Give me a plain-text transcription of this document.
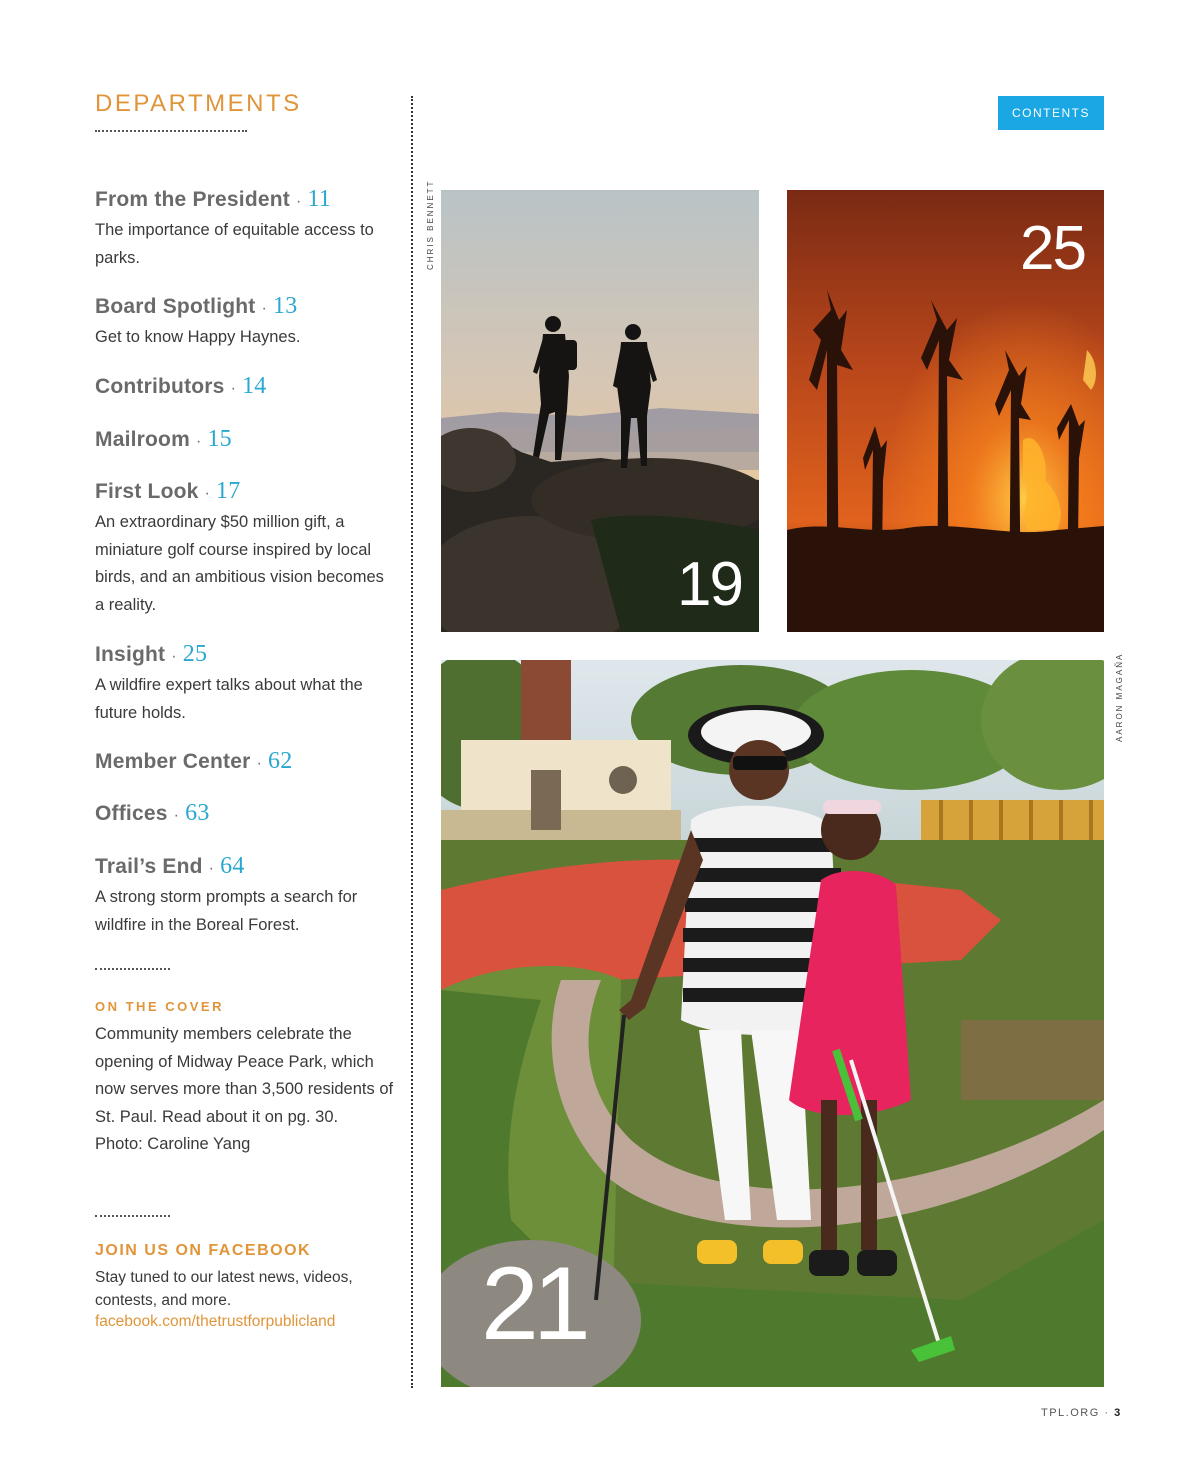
DEPARTMENTS
From the President · 11
The importance of equitable access to parks.
Board Spotlight · 13
Get to know Happy Haynes.
Contributors · 14
Mailroom · 15
First Look · 17
An extraordinary $50 million gift, a miniature golf course inspired by local birds, and an ambitious vision becomes a reality.
Insight · 25
A wildfire expert talks about what the future holds.
Member Center · 62
Offices · 63
Trail’s End · 64
A strong storm prompts a search for wildfire in the Boreal Forest.
ON THE COVER
Community members celebrate the opening of Midway Peace Park, which now serves more than 3,500 residents of St. Paul. Read about it on pg. 30.
Photo: Caroline Yang
JOIN US ON FACEBOOK
Stay tuned to our latest news, videos, contests, and more.
facebook.com/thetrustforpublicland
CONTENTS
CHRIS BENNETT
AARON MAGAÑA
19
25
21
TPL.ORG · 3
